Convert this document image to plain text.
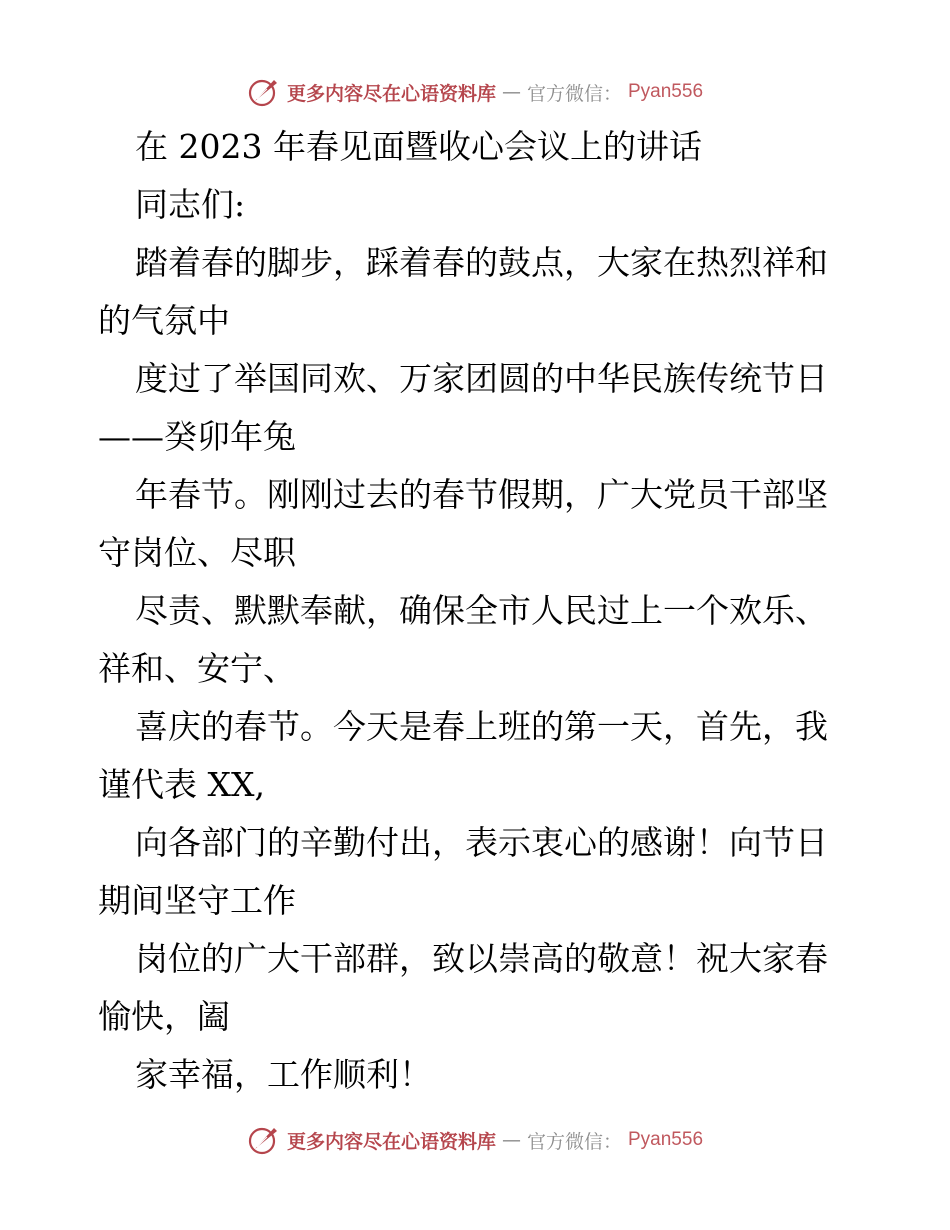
更多内容尽在心语资料库 — 官方微信： Pyan556
在 2023 年春见面暨收心会议上的讲话
同志们:
踏着春的脚步，踩着春的鼓点，大家在热烈祥和
的气氛中
度过了举国同欢、万家团圆的中华民族传统节日
——癸卯年兔
年春节。刚刚过去的春节假期，广大党员干部坚
守岗位、尽职
尽责、默默奉献，确保全市人民过上一个欢乐、
祥和、安宁、
喜庆的春节。今天是春上班的第一天，首先，我
谨代表 XX,
向各部门的辛勤付出，表示衷心的感谢！向节日
期间坚守工作
岗位的广大干部群，致以崇高的敬意！祝大家春
愉快，阖
家幸福，工作顺利！
更多内容尽在心语资料库 — 官方微信： Pyan556
